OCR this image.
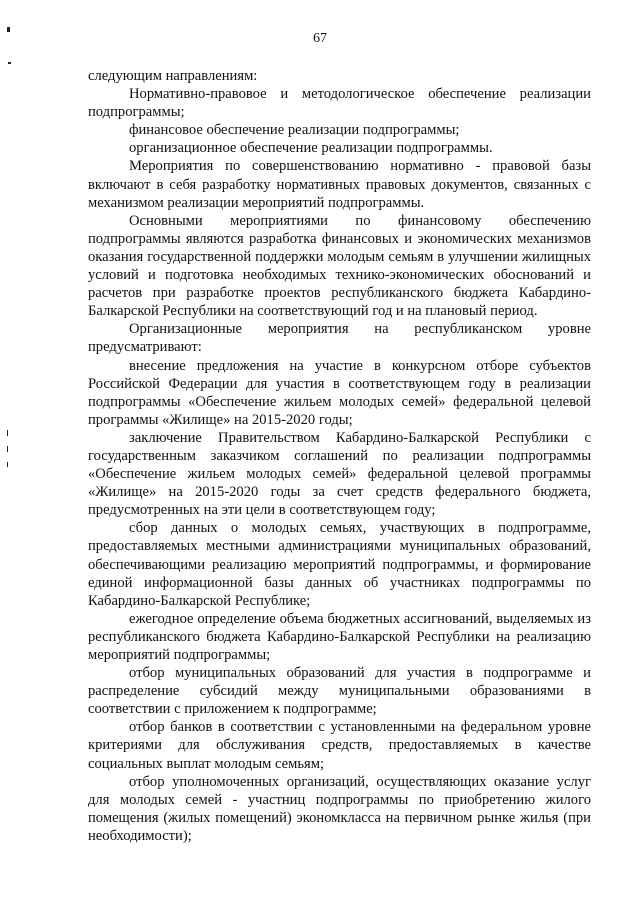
67

следующим направлениям:

Нормативно-правовое и методологическое обеспечение реализации подпрограммы;

финансовое обеспечение реализации подпрограммы;

организационное обеспечение реализации подпрограммы.

Мероприятия по совершенствованию нормативно - правовой базы включают в себя разработку нормативных правовых документов, связанных с механизмом реализации мероприятий подпрограммы.

Основными мероприятиями по финансовому обеспечению подпрограммы являются разработка финансовых и экономических механизмов оказания государственной поддержки молодым семьям в улучшении жилищных условий и подготовка необходимых технико-экономических обоснований и расчетов при разработке проектов республиканского бюджета Кабардино-Балкарской Республики на соответствующий год и на плановый период.

Организационные мероприятия на республиканском уровне предусматривают:

внесение предложения на участие в конкурсном отборе субъектов Российской Федерации для участия в соответствующем году в реализации подпрограммы «Обеспечение жильем молодых семей» федеральной целевой программы «Жилище» на 2015-2020 годы;

заключение Правительством Кабардино-Балкарской Республики с государственным заказчиком соглашений по реализации подпрограммы «Обеспечение жильем молодых семей» федеральной целевой программы «Жилище» на 2015-2020 годы за счет средств федерального бюджета, предусмотренных на эти цели в соответствующем году;

сбор данных о молодых семьях, участвующих в подпрограмме, предоставляемых местными администрациями муниципальных образований, обеспечивающими реализацию мероприятий подпрограммы, и формирование единой информационной базы данных об участниках подпрограммы по Кабардино-Балкарской Республике;

ежегодное определение объема бюджетных ассигнований, выделяемых из республиканского бюджета Кабардино-Балкарской Республики на реализацию мероприятий подпрограммы;

отбор муниципальных образований для участия в подпрограмме и распределение субсидий между муниципальными образованиями в соответствии с приложением к подпрограмме;

отбор банков в соответствии с установленными на федеральном уровне критериями для обслуживания средств, предоставляемых в качестве социальных выплат молодым семьям;

отбор уполномоченных организаций, осуществляющих оказание услуг для молодых семей - участниц подпрограммы по приобретению жилого помещения (жилых помещений) экономкласса на первичном рынке жилья (при необходимости);
